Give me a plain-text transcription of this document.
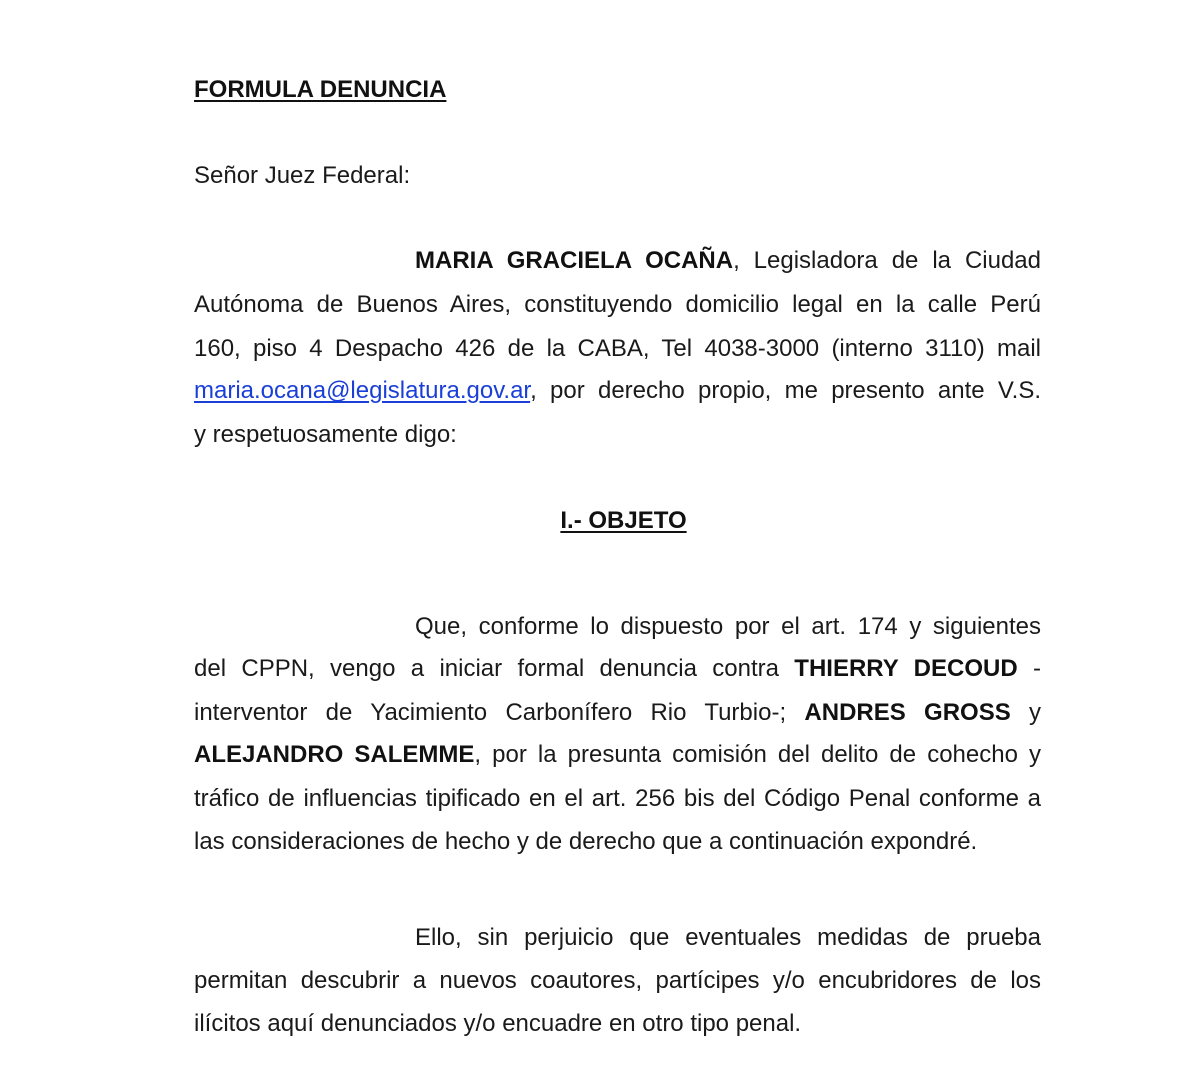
FORMULA DENUNCIA
Señor Juez Federal:
MARIA GRACIELA OCAÑA, Legisladora de la Ciudad
Autónoma de Buenos Aires, constituyendo domicilio legal en la calle Perú
160, piso 4 Despacho 426 de la CABA, Tel 4038-3000 (interno 3110) mail
maria.ocana@legislatura.gov.ar, por derecho propio, me presento ante V.S.
y respetuosamente digo:
I.- OBJETO
Que, conforme lo dispuesto por el art. 174 y siguientes
del CPPN, vengo a iniciar formal denuncia contra THIERRY DECOUD -
interventor de Yacimiento Carbonífero Rio Turbio-; ANDRES GROSS y
ALEJANDRO SALEMME, por la presunta comisión del delito de cohecho y
tráfico de influencias tipificado en el art. 256 bis del Código Penal conforme a
las consideraciones de hecho y de derecho que a continuación expondré.
Ello, sin perjuicio que eventuales medidas de prueba
permitan descubrir a nuevos coautores, partícipes y/o encubridores de los
ilícitos aquí denunciados y/o encuadre en otro tipo penal.
